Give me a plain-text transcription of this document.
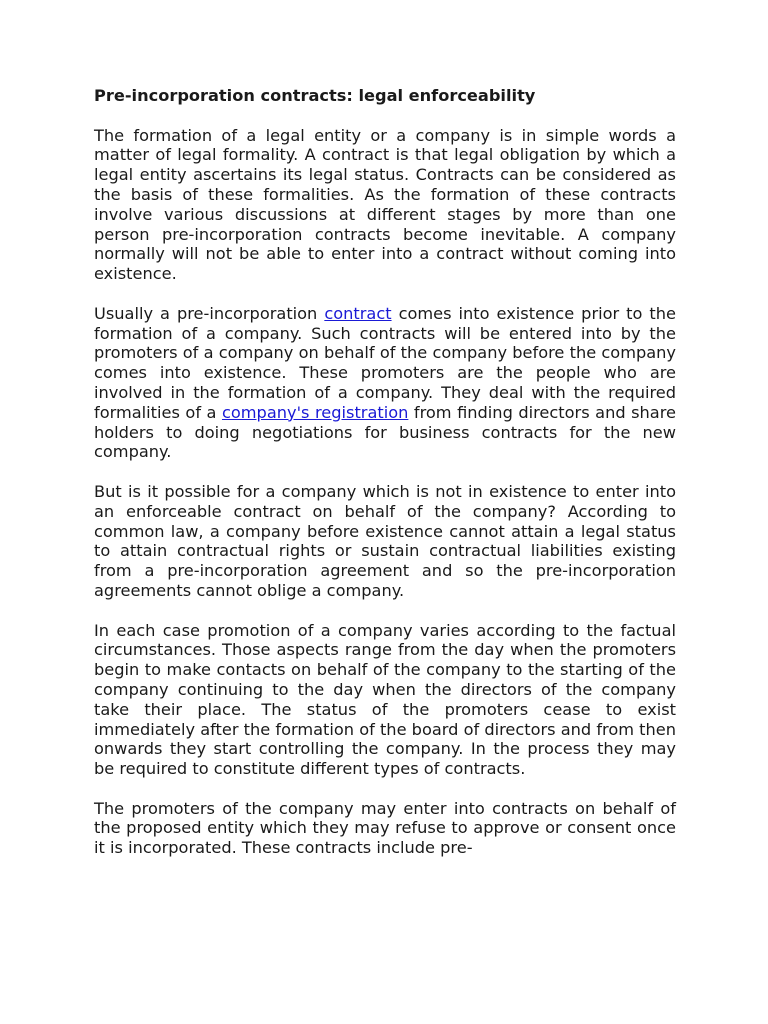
Pre-incorporation contracts: legal enforceability

The formation of a legal entity or a company is in simple words a matter of legal formality. A contract is that legal obligation by which a legal entity ascertains its legal status. Contracts can be considered as the basis of these formalities. As the formation of these contracts involve various discussions at different stages by more than one person pre-incorporation contracts become inevitable. A company normally will not be able to enter into a contract without coming into existence.

Usually a pre-incorporation contract comes into existence prior to the formation of a company. Such contracts will be entered into by the promoters of a company on behalf of the company before the company comes into existence. These promoters are the people who are involved in the formation of a company. They deal with the required formalities of a company's registration from finding directors and share holders to doing negotiations for business contracts for the new company.

But is it possible for a company which is not in existence to enter into an enforceable contract on behalf of the company? According to common law, a company before existence cannot attain a legal status to attain contractual rights or sustain contractual liabilities existing from a pre-incorporation agreement and so the pre-incorporation agreements cannot oblige a company.

In each case promotion of a company varies according to the factual circumstances. Those aspects range from the day when the promoters begin to make contacts on behalf of the company to the starting of the company continuing to the day when the directors of the company take their place. The status of the promoters cease to exist immediately after the formation of the board of directors and from then onwards they start controlling the company. In the process they may be required to constitute different types of contracts.

The promoters of the company may enter into contracts on behalf of the proposed entity which they may refuse to approve or consent once it is incorporated. These contracts include pre-
